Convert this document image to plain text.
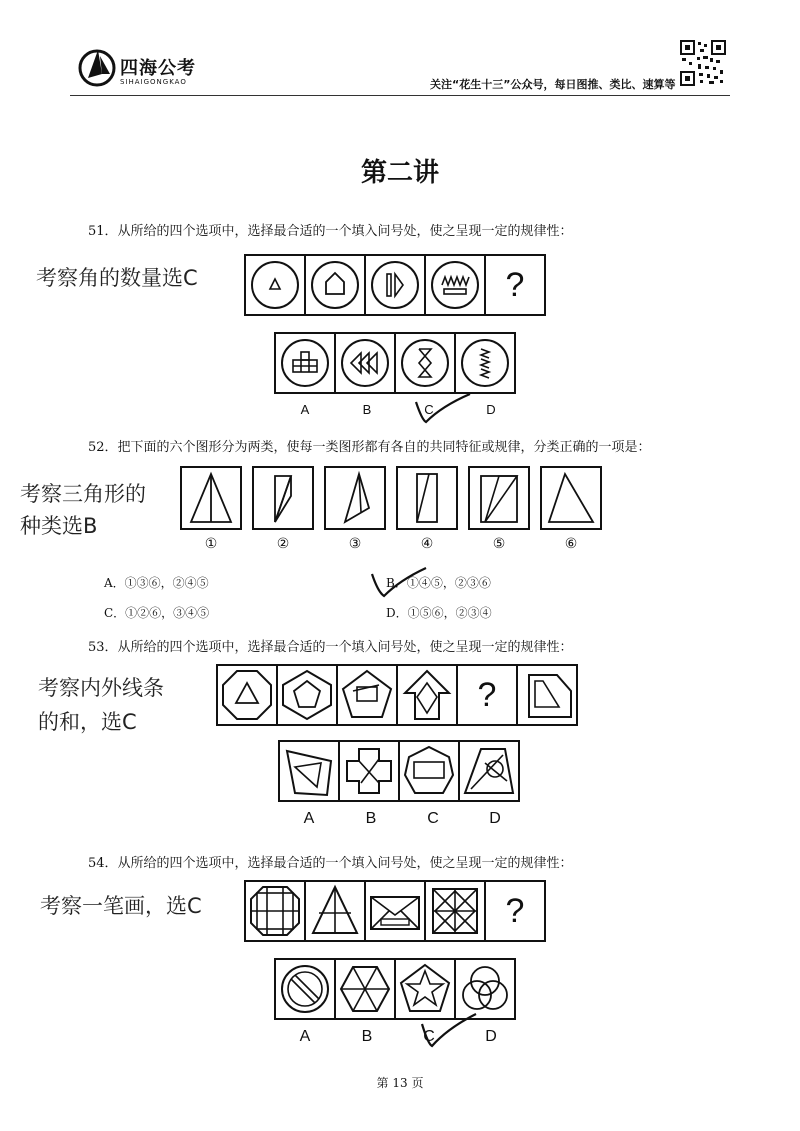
四海公考
SIHAIGONGKAO	关注“花生十三”公众号，每日图推、类比、速算等
第二讲
51．从所给的四个选项中，选择最合适的一个填入问号处，使之呈现一定的规律性：
考察角的数量选C	?
A	B	C	D
52．把下面的六个图形分为两类，使每一类图形都有各自的共同特征或规律，分类正确的一项是：
考察三角形的
种类选B
①	②	③	④	⑤	⑥
A．①③⑥，②④⑤	B．①④⑤，②③⑥
C．①②⑥，③④⑤	D．①⑤⑥，②③④
53．从所给的四个选项中，选择最合适的一个填入问号处，使之呈现一定的规律性：
考察内外线条
的和，选C
?
A	B	C	D
54．从所给的四个选项中，选择最合适的一个填入问号处，使之呈现一定的规律性：
考察一笔画，选C	?
A	B	C	D
第 13 页
